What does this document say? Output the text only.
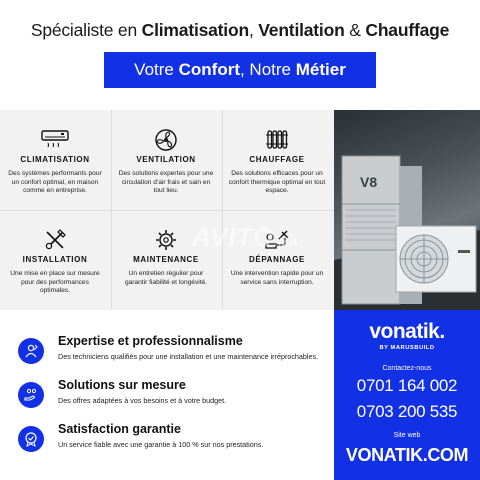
Spécialiste en Climatisation, Ventilation & Chauffage
Votre
Confort , Notre
Métier
CLIMATISATION
Des systèmes performants pour un confort optimal, en maison comme en entreprise.
VENTILATION
Des solutions expertes pour une circulation d'air frais et sain en tout lieu.
CHAUFFAGE
Des solutions efficaces pour un confort thermique optimal en tout espace.
INSTALLATION
Une mise en place sur mesure pour des performances optimales.
MAINTENANCE
Un entretien régulier pour garantir fiabilité et longévité.
DÉPANNAGE
Une intervention rapide pour un service sans interruption.
V8
AVITO.MA
Expertise et professionnalisme
Des techniciens qualifiés pour une installation et une maintenance irréprochables.
Solutions sur mesure
Des offres adaptées à vos besoins et à votre budget.
Satisfaction garantie
Un service fiable avec une garantie à 100 % sur nos prestations.
vonatik.
BY MARUSBUILD
Contactez-nous
0701 164 002
0703 200 535
Site web
VONATIK.COM
